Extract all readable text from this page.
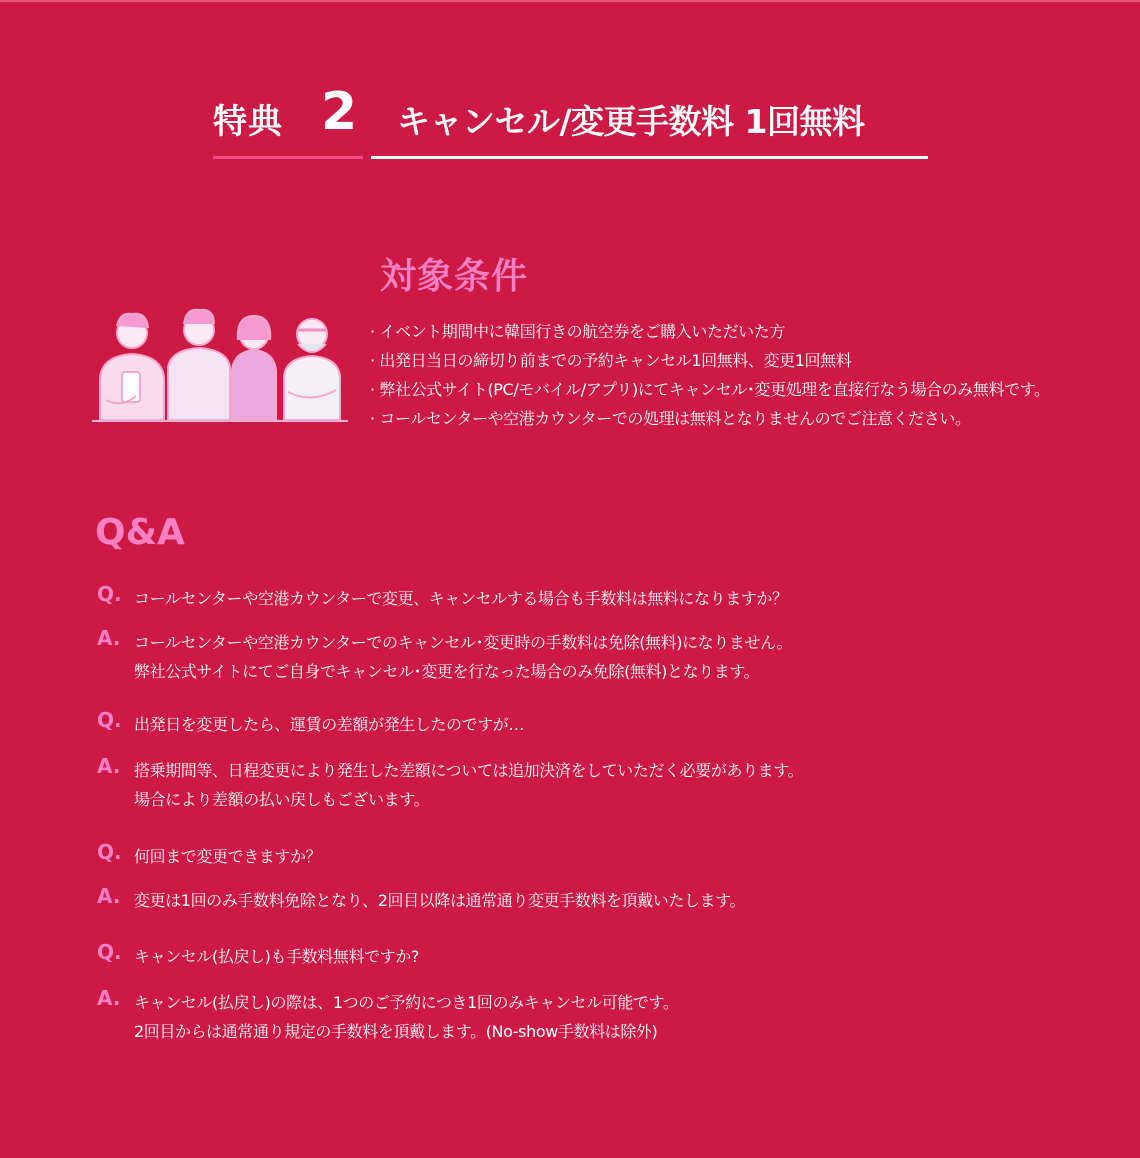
特典 2 キャンセル/変更手数料 1回無料
対象条件
· イベント期間中に韓国行きの航空券をご購入いただいた方
· 出発日当日の締切り前までの予約キャンセル1回無料、変更1回無料
· 弊社公式サイト(PC/モバイル/アプリ)にてキャンセル･変更処理を直接行なう場合のみ無料です。
· コールセンターや空港カウンターでの処理は無料となりませんのでご注意ください。
Q&A
Q. コールセンターや空港カウンターで変更、キャンセルする場合も手数料は無料になりますか？
A. コールセンターや空港カウンターでのキャンセル･変更時の手数料は免除(無料)になりません。
弊社公式サイトにてご自身でキャンセル･変更を行なった場合のみ免除(無料)となります。
Q. 出発日を変更したら、運賃の差額が発生したのですが…
A. 搭乗期間等、日程変更により発生した差額については追加決済をしていただく必要があります。
場合により差額の払い戻しもございます。
Q. 何回まで変更できますか？
A. 変更は1回のみ手数料免除となり、2回目以降は通常通り変更手数料を頂戴いたします。
Q. キャンセル(払戻し)も手数料無料ですか?
A. キャンセル(払戻し)の際は、1つのご予約につき1回のみキャンセル可能です。
2回目からは通常通り規定の手数料を頂戴します。(No-show手数料は除外)
